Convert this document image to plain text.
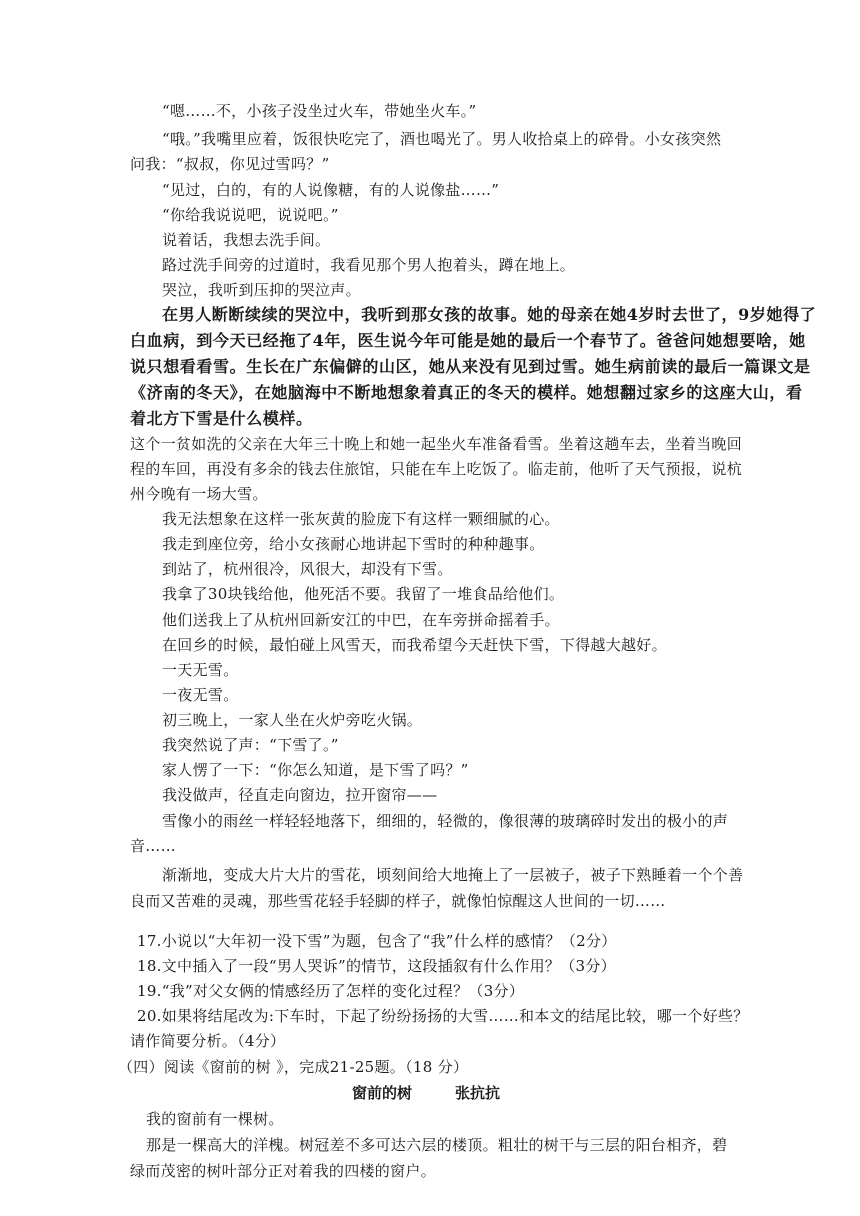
“嗯……不，小孩子没坐过火车，带她坐火车。”
“哦。”我嘴里应着，饭很快吃完了，酒也喝光了。男人收拾桌上的碎骨。小女孩突然
问我：“叔叔，你见过雪吗？”
“见过，白的，有的人说像糖，有的人说像盐……”
“你给我说说吧，说说吧。”
说着话，我想去洗手间。
路过洗手间旁的过道时，我看见那个男人抱着头，蹲在地上。
哭泣，我听到压抑的哭泣声。
在男人断断续续的哭泣中，我听到那女孩的故事。她的母亲在她4岁时去世了，9岁她得了
白血病，到今天已经拖了4年，医生说今年可能是她的最后一个春节了。爸爸问她想要啥，她
说只想看看雪。生长在广东偏僻的山区，她从来没有见到过雪。她生病前读的最后一篇课文是
《济南的冬天》，在她脑海中不断地想象着真正的冬天的模样。她想翻过家乡的这座大山，看
着北方下雪是什么模样。
这个一贫如洗的父亲在大年三十晚上和她一起坐火车准备看雪。坐着这趟车去，坐着当晚回
程的车回，再没有多余的钱去住旅馆，只能在车上吃饭了。临走前，他听了天气预报，说杭
州今晚有一场大雪。
我无法想象在这样一张灰黄的脸庞下有这样一颗细腻的心。
我走到座位旁，给小女孩耐心地讲起下雪时的种种趣事。
到站了，杭州很冷，风很大，却没有下雪。
我拿了30块钱给他，他死活不要。我留了一堆食品给他们。
他们送我上了从杭州回新安江的中巴，在车旁拼命摇着手。
在回乡的时候，最怕碰上风雪天，而我希望今天赶快下雪，下得越大越好。
一天无雪。
一夜无雪。
初三晚上，一家人坐在火炉旁吃火锅。
我突然说了声：“下雪了。”
家人愣了一下：“你怎么知道，是下雪了吗？”
我没做声，径直走向窗边，拉开窗帘——
雪像小的雨丝一样轻轻地落下，细细的，轻微的，像很薄的玻璃碎时发出的极小的声
音……
渐渐地，变成大片大片的雪花，顷刻间给大地掩上了一层被子，被子下熟睡着一个个善
良而又苦难的灵魂，那些雪花轻手轻脚的样子，就像怕惊醒这人世间的一切……
17.小说以“大年初一没下雪”为题，包含了“我”什么样的感情？（2分）
18.文中插入了一段“男人哭诉”的情节，这段插叙有什么作用？（3分）
19.“我”对父女俩的情感经历了怎样的变化过程？（3分）
20.如果将结尾改为:下车时，下起了纷纷扬扬的大雪……和本文的结尾比较，哪一个好些？
请作简要分析。（4分）
（四）阅读《窗前的树 》，完成21-25题。（18 分）
窗前的树	张抗抗
我的窗前有一棵树。
那是一棵高大的洋槐。树冠差不多可达六层的楼顶。粗壮的树干与三层的阳台相齐，碧
绿而茂密的树叶部分正对着我的四楼的窗户。
